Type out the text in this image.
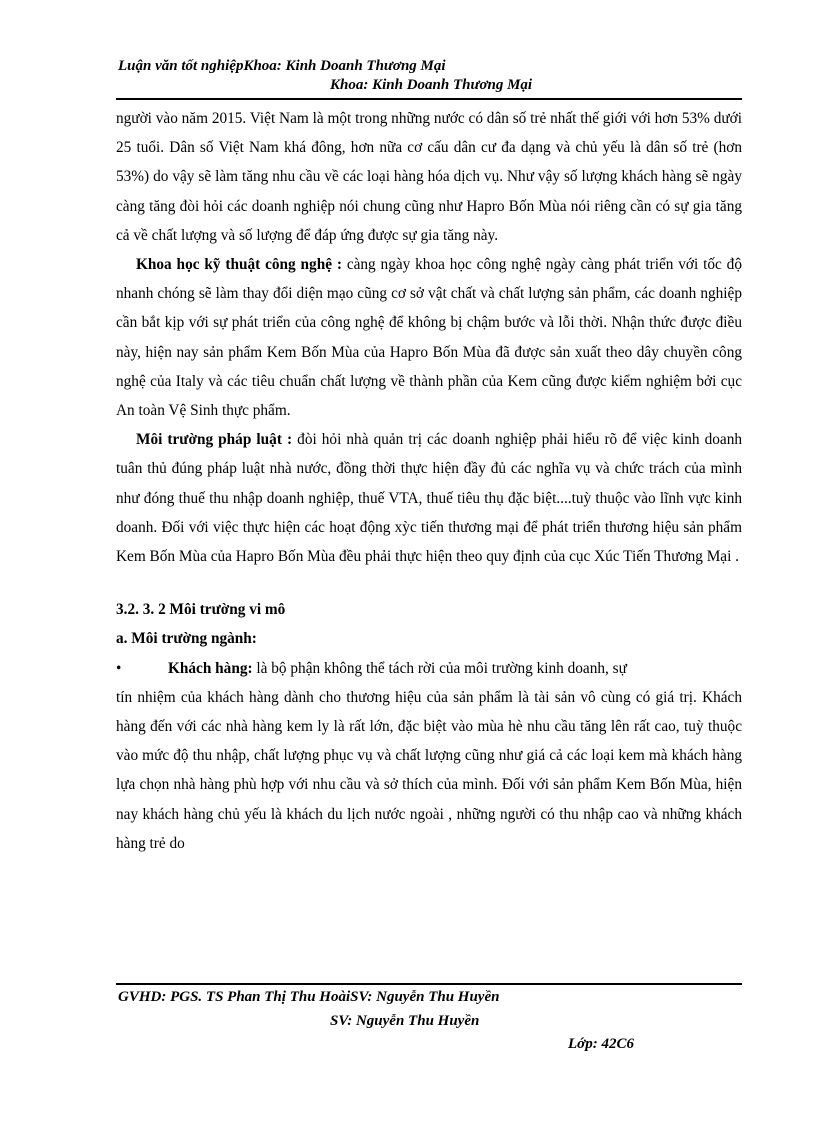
Luận văn tốt nghiệpKhoa: Kinh Doanh Thương Mại
Khoa: Kinh Doanh Thương Mại

người vào năm 2015. Việt Nam là một trong những nước có dân số trẻ nhất thế giới với hơn 53% dưới 25 tuổi. Dân số Việt Nam khá đông, hơn nữa cơ cấu dân cư đa dạng và chủ yếu là dân số trẻ (hơn 53%) do vậy sẽ làm tăng nhu cầu về các loại hàng hóa dịch vụ. Như vậy số lượng khách hàng sẽ ngày càng tăng đòi hỏi các doanh nghiệp nói chung cũng như Hapro Bốn Mùa nói riêng cần có sự gia tăng cả về chất lượng và số lượng để đáp ứng được sự gia tăng này.

Khoa học kỹ thuật công nghệ : càng ngày khoa học công nghệ ngày càng phát triển với tốc độ nhanh chóng sẽ làm thay đổi diện mạo cũng cơ sở vật chất và chất lượng sản phẩm, các doanh nghiệp cần bắt kịp với sự phát triển của công nghệ để không bị chậm bước và lỗi thời. Nhận thức được điều này, hiện nay sản phẩm Kem Bốn Mùa của Hapro Bốn Mùa đã được sản xuất theo dây chuyền công nghệ của Italy và các tiêu chuẩn chất lượng về thành phần của Kem cũng được kiểm nghiệm bởi cục An toàn Vệ Sinh thực phẩm.

Môi trường pháp luật : đòi hỏi nhà quản trị các doanh nghiệp phải hiểu rõ để việc kinh doanh tuân thủ đúng pháp luật nhà nước, đồng thời thực hiện đầy đủ các nghĩa vụ và chức trách của mình như đóng thuế thu nhập doanh nghiệp, thuế VTA, thuế tiêu thụ đặc biệt....tuỳ thuộc vào lĩnh vực kinh doanh. Đối với việc thực hiện các hoạt động xỳc tiến thương mại để phát triển thương hiệu sản phẩm Kem Bốn Mùa của Hapro Bốn Mùa đều phải thực hiện theo quy định của cục Xúc Tiến Thương Mại .

3.2. 3. 2 Môi trường vi mô

a. Môi trường ngành:

•	Khách hàng: là bộ phận không thể tách rời của môi trường kinh doanh, sự

tín nhiệm của khách hàng dành cho thương hiệu của sản phẩm là tài sản vô cùng có giá trị. Khách hàng đến với các nhà hàng kem ly là rất lớn, đặc biệt vào mùa hè nhu cầu tăng lên rất cao, tuỳ thuộc vào mức độ thu nhập, chất lượng phục vụ và chất lượng cũng như giá cả các loại kem mà khách hàng lựa chọn nhà hàng phù hợp với nhu cầu và sở thích của mình. Đối với sản phẩm Kem Bốn Mùa, hiện nay khách hàng chủ yếu là khách du lịch nước ngoài , những người có thu nhập cao và những khách hàng trẻ do

GVHD: PGS. TS Phan Thị Thu HoàiSV: Nguyễn Thu Huyền
SV: Nguyễn Thu Huyền
Lớp: 42C6
